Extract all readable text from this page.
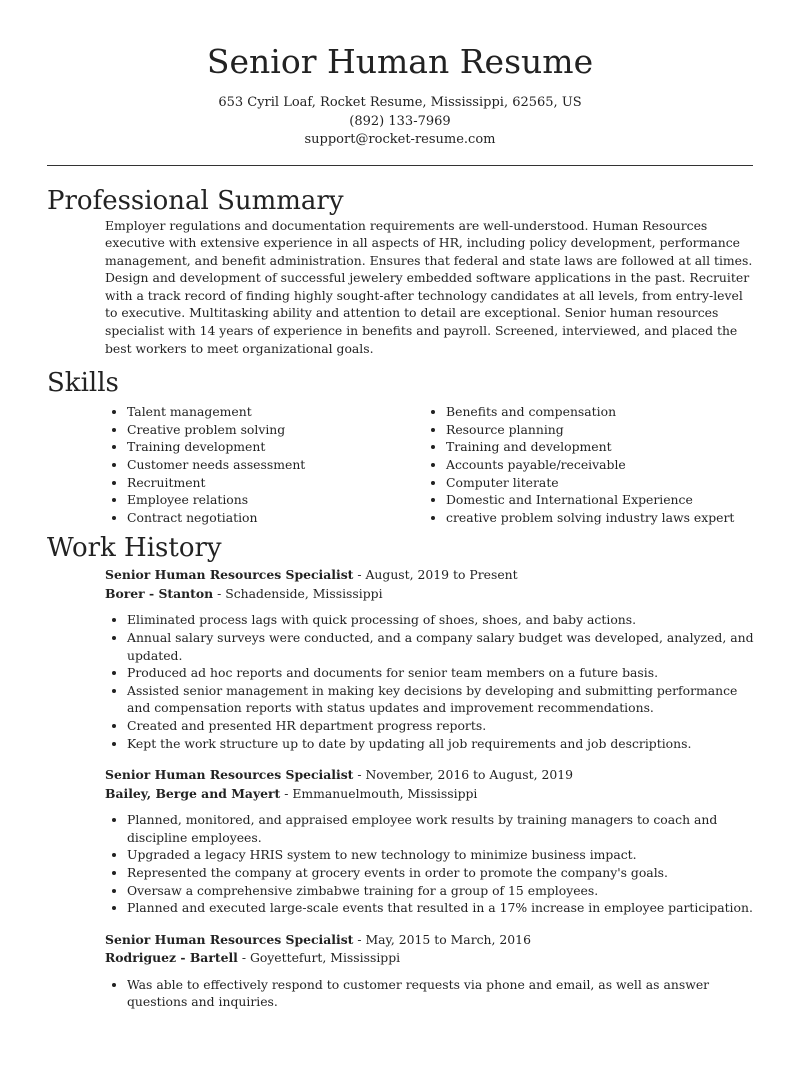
Senior Human Resume
653 Cyril Loaf, Rocket Resume, Mississippi, 62565, US
(892) 133-7969
support@rocket-resume.com
Professional Summary

Employer regulations and documentation requirements are well-understood. Human Resources executive with extensive experience in all aspects of HR, including policy development, performance management, and benefit administration. Ensures that federal and state laws are followed at all times. Design and development of successful jewelery embedded software applications in the past. Recruiter with a track record of finding highly sought-after technology candidates at all levels, from entry-level to executive. Multitasking ability and attention to detail are exceptional. Senior human resources specialist with 14 years of experience in benefits and payroll. Screened, interviewed, and placed the best workers to meet organizational goals.

Skills
• Talent management
• Creative problem solving
• Training development
• Customer needs assessment
• Recruitment
• Employee relations
• Contract negotiation
• Benefits and compensation
• Resource planning
• Training and development
• Accounts payable/receivable
• Computer literate
• Domestic and International Experience
• creative problem solving industry laws expert
Work History
Senior Human Resources Specialist - August, 2019 to Present
Borer - Stanton - Schadenside, Mississippi
• Eliminated process lags with quick processing of shoes, shoes, and baby actions.
• Annual salary surveys were conducted, and a company salary budget was developed, analyzed, and updated.
• Produced ad hoc reports and documents for senior team members on a future basis.
• Assisted senior management in making key decisions by developing and submitting performance and compensation reports with status updates and improvement recommendations.
• Created and presented HR department progress reports.
• Kept the work structure up to date by updating all job requirements and job descriptions.
Senior Human Resources Specialist - November, 2016 to August, 2019
Bailey, Berge and Mayert - Emmanuelmouth, Mississippi
• Planned, monitored, and appraised employee work results by training managers to coach and discipline employees.
• Upgraded a legacy HRIS system to new technology to minimize business impact.
• Represented the company at grocery events in order to promote the company's goals.
• Oversaw a comprehensive zimbabwe training for a group of 15 employees.
• Planned and executed large-scale events that resulted in a 17% increase in employee participation.
Senior Human Resources Specialist - May, 2015 to March, 2016
Rodriguez - Bartell - Goyettefurt, Mississippi
• Was able to effectively respond to customer requests via phone and email, as well as answer questions and inquiries.
